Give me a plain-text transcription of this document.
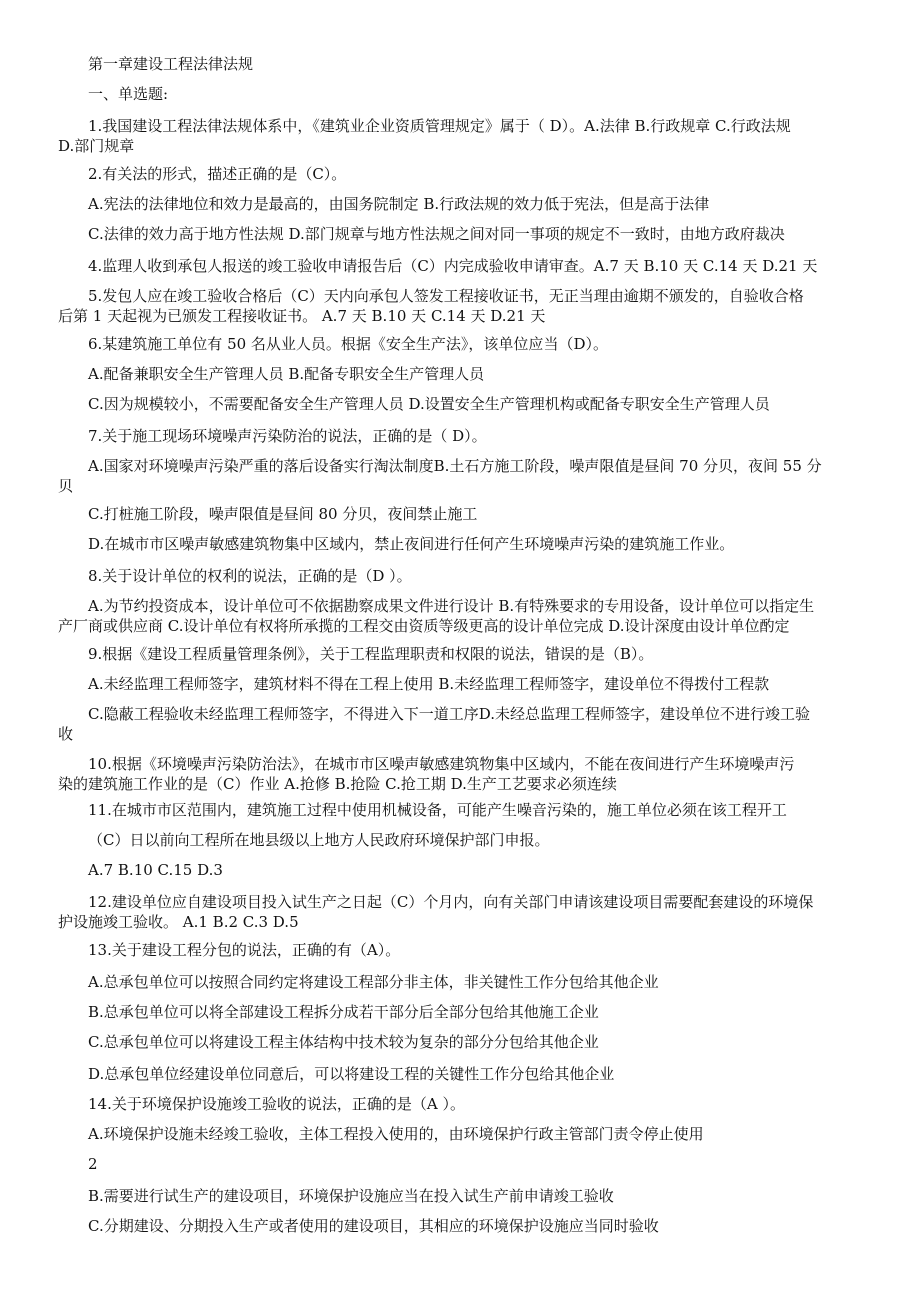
第一章建设工程法律法规
一、单选题:
1.我国建设工程法律法规体系中，《建筑业企业资质管理规定》属于（ D）。A.法律 B.行政规章 C.行政法规
D.部门规章
2.有关法的形式，描述正确的是（C）。
A.宪法的法律地位和效力是最高的，由国务院制定 B.行政法规的效力低于宪法，但是高于法律
C.法律的效力高于地方性法规 D.部门规章与地方性法规之间对同一事项的规定不一致时，由地方政府裁决
4.监理人收到承包人报送的竣工验收申请报告后（C）内完成验收申请审查。A.7 天 B.10 天 C.14 天 D.21 天
5.发包人应在竣工验收合格后（C）天内向承包人签发工程接收证书，无正当理由逾期不颁发的，自验收合格
后第 1 天起视为已颁发工程接收证书。 A.7 天 B.10 天 C.14 天 D.21 天
6.某建筑施工单位有 50 名从业人员。根据《安全生产法》，该单位应当（D）。
A.配备兼职安全生产管理人员 B.配备专职安全生产管理人员
C.因为规模较小，不需要配备安全生产管理人员 D.设置安全生产管理机构或配备专职安全生产管理人员
7.关于施工现场环境噪声污染防治的说法，正确的是（ D）。
A.国家对环境噪声污染严重的落后设备实行淘汰制度B.土石方施工阶段，噪声限值是昼间 70 分贝，夜间 55 分
贝
C.打桩施工阶段，噪声限值是昼间 80 分贝，夜间禁止施工
D.在城市市区噪声敏感建筑物集中区域内，禁止夜间进行任何产生环境噪声污染的建筑施工作业。
8.关于设计单位的权利的说法，正确的是（D ）。
A.为节约投资成本，设计单位可不依据勘察成果文件进行设计 B.有特殊要求的专用设备，设计单位可以指定生
产厂商或供应商 C.设计单位有权将所承揽的工程交由资质等级更高的设计单位完成 D.设计深度由设计单位酌定
9.根据《建设工程质量管理条例》，关于工程监理职责和权限的说法，错误的是（B）。
A.未经监理工程师签字，建筑材料不得在工程上使用 B.未经监理工程师签字，建设单位不得拨付工程款
C.隐蔽工程验收未经监理工程师签字，不得进入下一道工序D.未经总监理工程师签字，建设单位不进行竣工验
收
10.根据《环境噪声污染防治法》，在城市市区噪声敏感建筑物集中区域内，不能在夜间进行产生环境噪声污
染的建筑施工作业的是（C）作业 A.抢修 B.抢险 C.抢工期 D.生产工艺要求必须连续
11.在城市市区范围内，建筑施工过程中使用机械设备，可能产生噪音污染的，施工单位必须在该工程开工
（C）日以前向工程所在地县级以上地方人民政府环境保护部门申报。
A.7 B.10 C.15 D.3
12.建设单位应自建设项目投入试生产之日起（C）个月内，向有关部门申请该建设项目需要配套建设的环境保
护设施竣工验收。 A.1 B.2 C.3 D.5
13.关于建设工程分包的说法，正确的有（A）。
A.总承包单位可以按照合同约定将建设工程部分非主体，非关键性工作分包给其他企业
B.总承包单位可以将全部建设工程拆分成若干部分后全部分包给其他施工企业
C.总承包单位可以将建设工程主体结构中技术较为复杂的部分分包给其他企业
D.总承包单位经建设单位同意后，可以将建设工程的关键性工作分包给其他企业
14.关于环境保护设施竣工验收的说法，正确的是（A ）。
A.环境保护设施未经竣工验收，主体工程投入使用的，由环境保护行政主管部门责令停止使用
2
B.需要进行试生产的建设项目，环境保护设施应当在投入试生产前申请竣工验收
C.分期建设、分期投入生产或者使用的建设项目，其相应的环境保护设施应当同时验收
